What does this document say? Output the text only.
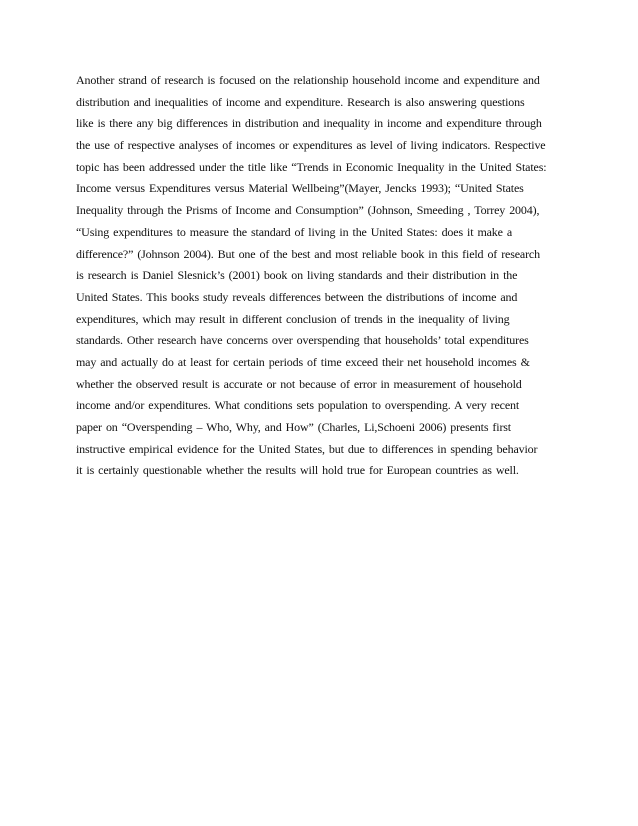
Another strand of research is focused on the relationship household income and expenditure and
distribution and inequalities of income and expenditure. Research is also answering questions
like is there any big differences in distribution and inequality in income and expenditure through
the use of respective analyses of incomes or expenditures as level of living indicators. Respective
topic has been addressed under the title like “Trends in Economic Inequality in the United States:
Income versus Expenditures versus Material Wellbeing”(Mayer, Jencks 1993); “United States
Inequality through the Prisms of Income and Consumption” (Johnson, Smeeding , Torrey 2004),
“Using expenditures to measure the standard of living in the United States: does it make a
difference?” (Johnson 2004). But one of the best and most reliable book in this field of research
is research is Daniel Slesnick’s (2001) book on living standards and their distribution in the
United States. This books study reveals differences between the distributions of income and
expenditures, which may result in different conclusion of trends in the inequality of living
standards. Other research have concerns over overspending that households’ total expenditures
may and actually do at least for certain periods of time exceed their net household incomes &
whether the observed result is accurate or not because of error in measurement of household
income and/or expenditures. What conditions sets population to overspending. A very recent
paper on “Overspending – Who, Why, and How” (Charles, Li,Schoeni 2006) presents first
instructive empirical evidence for the United States, but due to differences in spending behavior
it is certainly questionable whether the results will hold true for European countries as well.
